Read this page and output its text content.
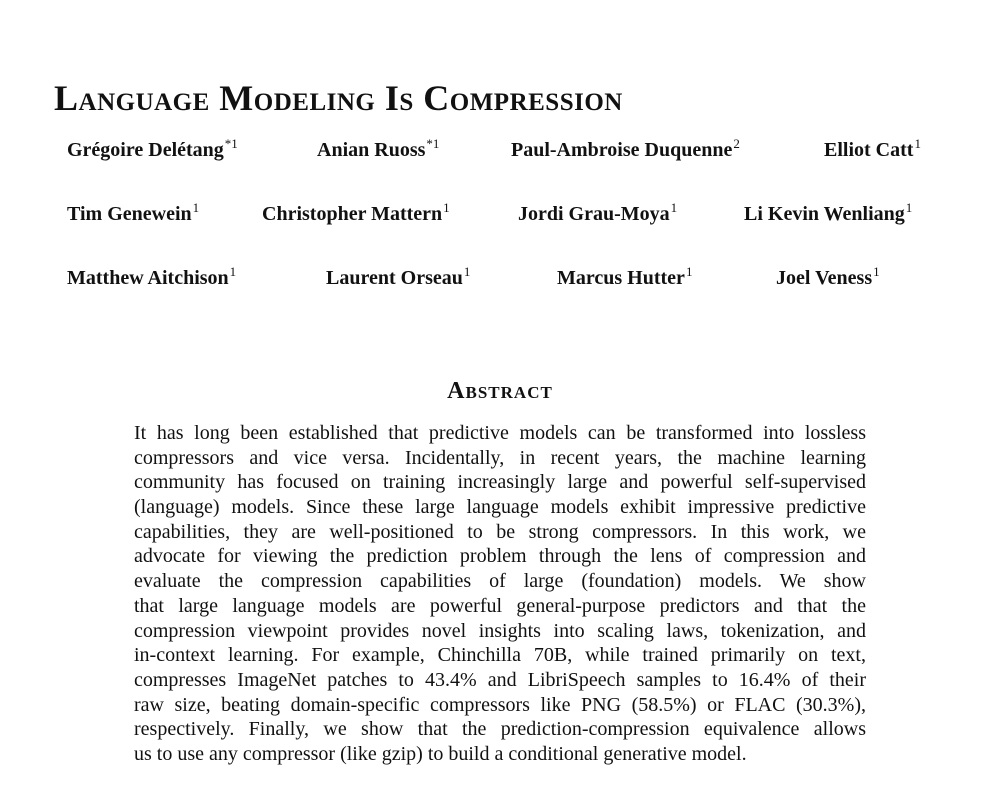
Language Modeling Is Compression
Grégoire Delétang$^{*1}$	Anian Ruoss$^{*1}$	Paul-Ambroise Duquenne$^2$	Elliot Catt$^1$
Tim Genewein$^1$	Christopher Mattern$^1$	Jordi Grau-Moya$^1$	Li Kevin Wenliang$^1$
Matthew Aitchison$^1$	Laurent Orseau$^1$	Marcus Hutter$^1$	Joel Veness$^1$
Abstract
It has long been established that predictive models can be transformed into lossless
compressors and vice versa. Incidentally, in recent years, the machine learning
community has focused on training increasingly large and powerful self-supervised
(language) models. Since these large language models exhibit impressive predictive
capabilities, they are well-positioned to be strong compressors. In this work, we
advocate for viewing the prediction problem through the lens of compression and
evaluate the compression capabilities of large (foundation) models. We show
that large language models are powerful general-purpose predictors and that the
compression viewpoint provides novel insights into scaling laws, tokenization, and
in-context learning. For example, Chinchilla 70B, while trained primarily on text,
compresses ImageNet patches to 43.4% and LibriSpeech samples to 16.4% of their
raw size, beating domain-specific compressors like PNG (58.5%) or FLAC (30.3%),
respectively. Finally, we show that the prediction-compression equivalence allows
us to use any compressor (like gzip) to build a conditional generative model.
